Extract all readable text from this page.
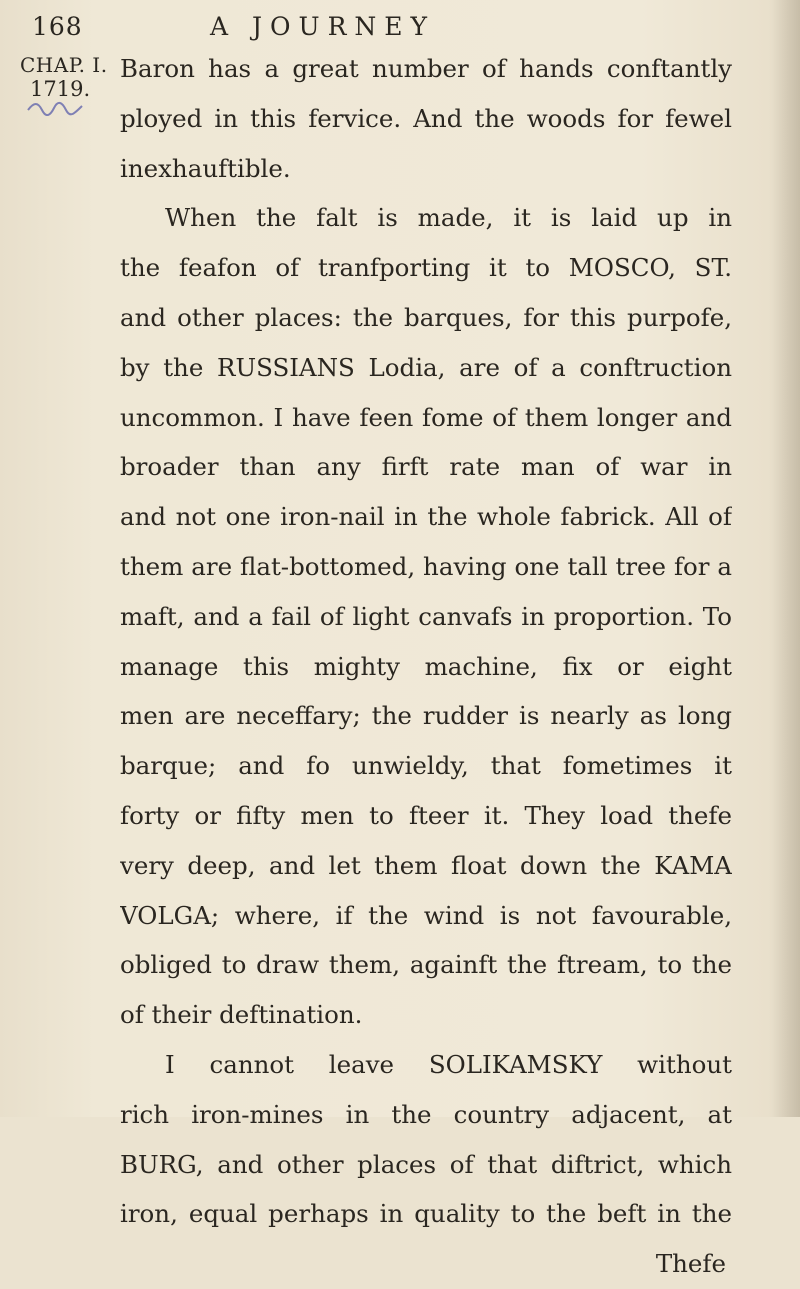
168	A JOURNEY
CHAP. I.
1719.
Baron has a great number of hands conftantly
ployed in this fervice. And the woods for fewel
inexhauftible.
When the falt is made, it is laid up in
the feafon of tranfporting it to MOSCO, ST.
and other places: the barques, for this purpofe,
by the RUSSIANS Lodia, are of a conftruction
uncommon. I have feen fome of them longer and
broader than any firft rate man of war in
and not one iron-nail in the whole fabrick. All of
them are flat-bottomed, having one tall tree for a
maft, and a fail of light canvafs in proportion. To
manage this mighty machine, fix or eight
men are neceffary; the rudder is nearly as long
barque; and fo unwieldy, that fometimes it
forty or fifty men to fteer it. They load thefe
very deep, and let them float down the KAMA
VOLGA; where, if the wind is not favourable,
obliged to draw them, againft the ftream, to the
of their deftination.
I cannot leave SOLIKAMSKY without
rich iron-mines in the country adjacent, at
BURG, and other places of that diftrict, which
iron, equal perhaps in quality to the beft in the
Thefe
